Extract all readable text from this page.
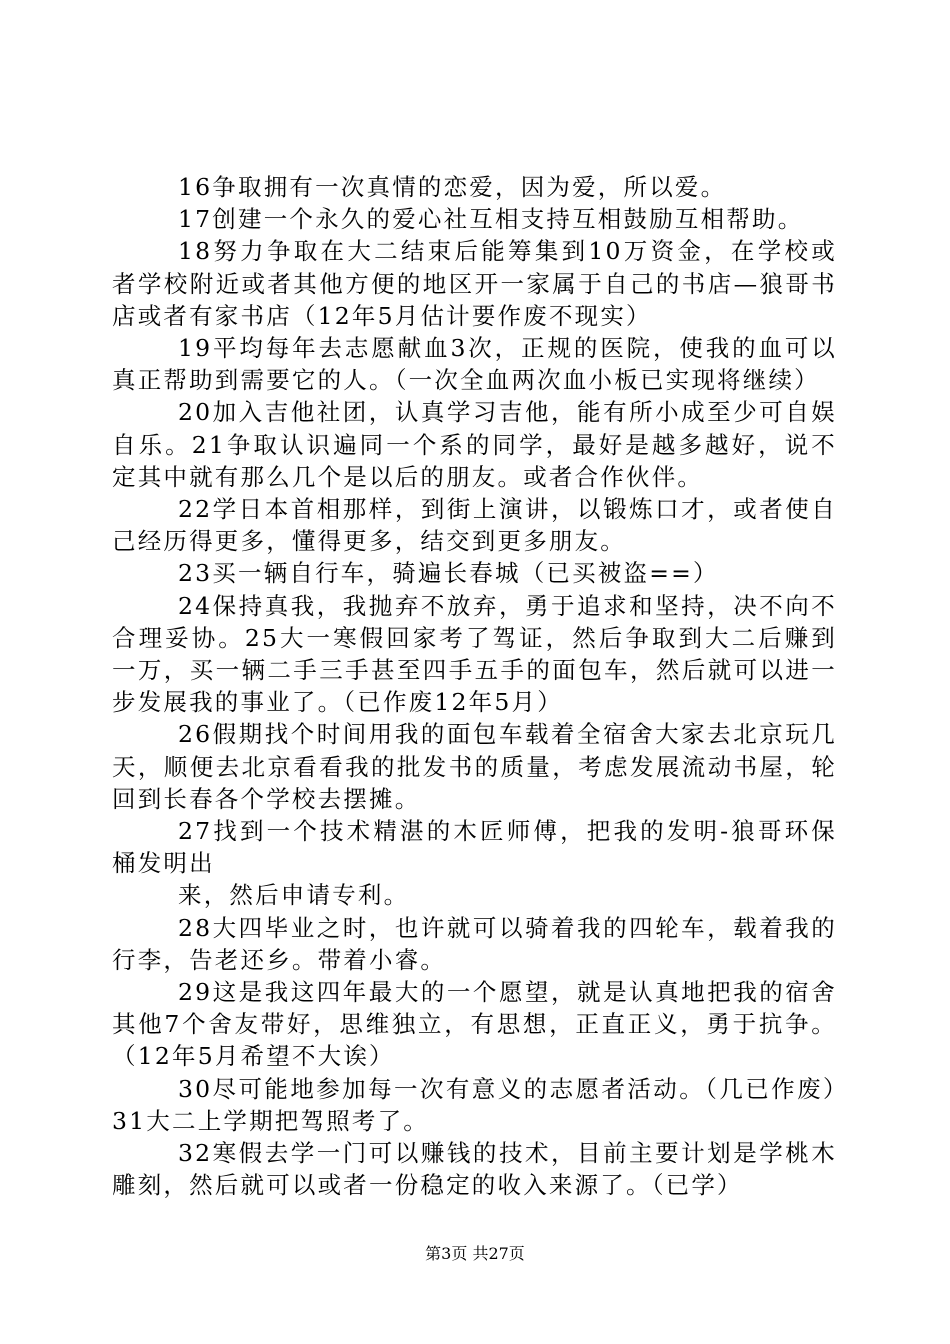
16争取拥有一次真情的恋爱，因为爱，所以爱。

17创建一个永久的爱心社互相支持互相鼓励互相帮助。

18努力争取在大二结束后能筹集到10万资金，在学校或者学校附近或者其他方便的地区开一家属于自己的书店—狼哥书店或者有家书店（12年5月估计要作废不现实）

19平均每年去志愿献血3次，正规的医院，使我的血可以真正帮助到需要它的人。（一次全血两次血小板已实现将继续）

20加入吉他社团，认真学习吉他，能有所小成至少可自娱自乐。21争取认识遍同一个系的同学，最好是越多越好，说不定其中就有那么几个是以后的朋友。或者合作伙伴。

22学日本首相那样，到街上演讲，以锻炼口才，或者使自己经历得更多，懂得更多，结交到更多朋友。

23买一辆自行车，骑遍长春城（已买被盗==）

24保持真我，我抛弃不放弃，勇于追求和坚持，决不向不合理妥协。25大一寒假回家考了驾证，然后争取到大二后赚到一万，买一辆二手三手甚至四手五手的面包车，然后就可以进一步发展我的事业了。（已作废12年5月）

26假期找个时间用我的面包车载着全宿舍大家去北京玩几天，顺便去北京看看我的批发书的质量，考虑发展流动书屋，轮回到长春各个学校去摆摊。

27找到一个技术精湛的木匠师傅，把我的发明-狼哥环保桶发明出

来，然后申请专利。

28大四毕业之时，也许就可以骑着我的四轮车，载着我的行李，告老还乡。带着小睿。

29这是我这四年最大的一个愿望，就是认真地把我的宿舍其他7个舍友带好，思维独立，有思想，正直正义，勇于抗争。（12年5月希望不大诶）

30尽可能地参加每一次有意义的志愿者活动。（几已作废）31大二上学期把驾照考了。

32寒假去学一门可以赚钱的技术，目前主要计划是学桃木雕刻，然后就可以或者一份稳定的收入来源了。（已学）

第3页 共27页
